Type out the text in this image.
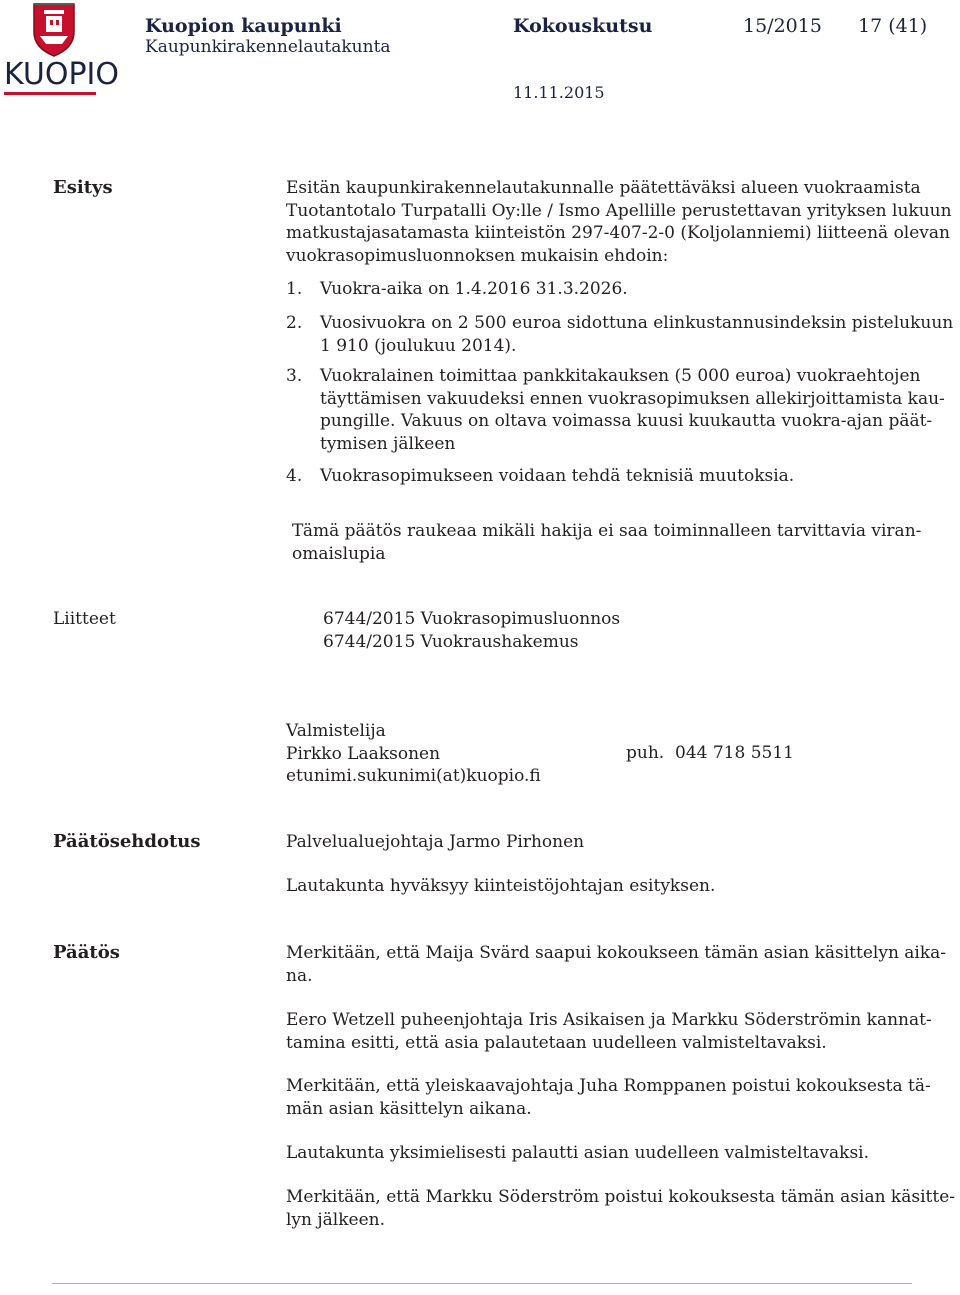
KUOPIO
Kuopion kaupunki
Kaupunkirakennelautakunta
Kokouskutsu	15/2015 17 (41)
11.11.2015
Esitys	Esitän kaupunkirakennelautakunnalle päätettäväksi alueen vuokraamista
Tuotantotalo Turpatalli Oy:lle / Ismo Apellille perustettavan yrityksen lukuun
matkustajasatamasta kiinteistön 297-407-2-0 (Koljolanniemi) liitteenä olevan
vuokrasopimusluonnoksen mukaisin ehdoin:
1. Vuokra-aika on 1.4.2016 31.3.2026.
2. Vuosivuokra on 2 500 euroa sidottuna elinkustannusindeksin pistelukuun
1 910 (joulukuu 2014).
3. Vuokralainen toimittaa pankkitakauksen (5 000 euroa) vuokraehtojen
täyttämisen vakuudeksi ennen vuokrasopimuksen allekirjoittamista kau-
pungille. Vakuus on oltava voimassa kuusi kuukautta vuokra-ajan päät-
tymisen jälkeen
4. Vuokrasopimukseen voidaan tehdä teknisiä muutoksia.
Tämä päätös raukeaa mikäli hakija ei saa toiminnalleen tarvittavia viran-
omaislupia
Liitteet	6744/2015 Vuokrasopimusluonnos
6744/2015 Vuokraushakemus
Valmistelija
Pirkko Laaksonen
etunimi.sukunimi(at)kuopio.fi
puh. 044 718 5511
Päätösehdotus	Palvelualuejohtaja Jarmo Pirhonen
Lautakunta hyväksyy kiinteistöjohtajan esityksen.
Päätös	Merkitään, että Maija Svärd saapui kokoukseen tämän asian käsittelyn aika-
na.
Eero Wetzell puheenjohtaja Iris Asikaisen ja Markku Söderströmin kannat-
tamina esitti, että asia palautetaan uudelleen valmisteltavaksi.
Merkitään, että yleiskaavajohtaja Juha Romppanen poistui kokouksesta tä-
män asian käsittelyn aikana.
Lautakunta yksimielisesti palautti asian uudelleen valmisteltavaksi.
Merkitään, että Markku Söderström poistui kokouksesta tämän asian käsitte-
lyn jälkeen.
